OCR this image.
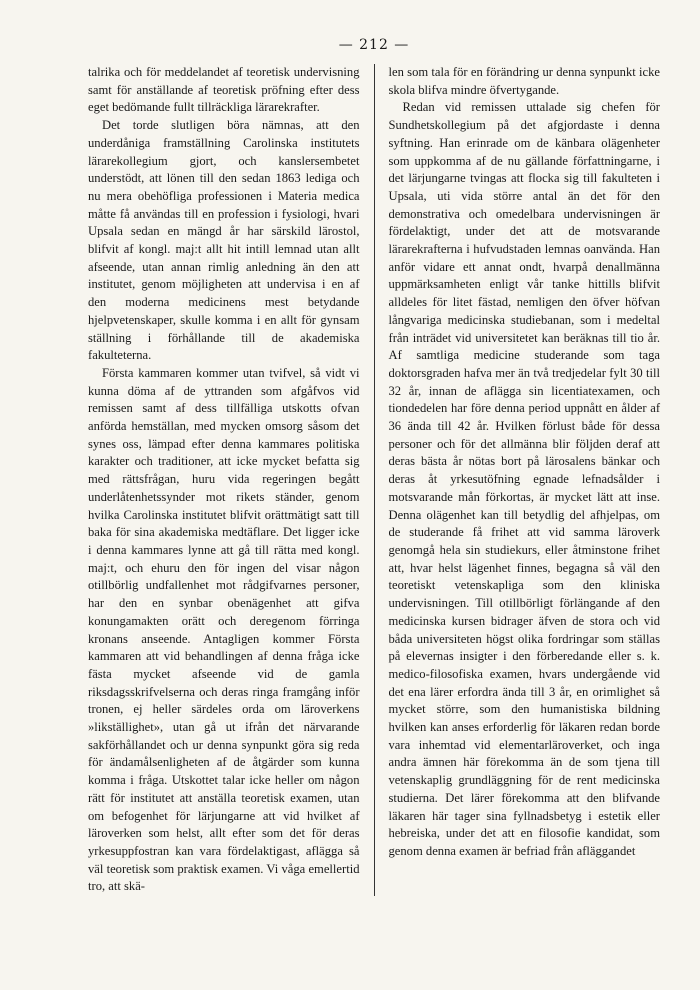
— 212 —

talrika och för meddelandet af teoretisk undervisning samt för anställande af teoretisk pröfning efter dess eget bedömande fullt tillräckliga lärarekrafter.

Det torde slutligen böra nämnas, att den underdåniga framställning Carolinska institutets lärarekollegium gjort, och kanslersembetet understödt, att lönen till den sedan 1863 lediga och nu mera obehöfliga professionen i Materia medica måtte få användas till en profession i fysiologi, hvari Upsala sedan en mängd år har särskild lärostol, blifvit af kongl. maj:t allt hit intill lemnad utan allt afseende, utan annan rimlig anledning än den att institutet, genom möjligheten att undervisa i en af den moderna medicinens mest betydande hjelpvetenskaper, skulle komma i en allt för gynsam ställning i förhållande till de akademiska fakulteterna.

Första kammaren kommer utan tvifvel, så vidt vi kunna döma af de yttranden som afgåfvos vid remissen samt af dess tillfälliga utskotts ofvan anförda hemställan, med mycken omsorg såsom det synes oss, lämpad efter denna kammares politiska karakter och traditioner, att icke mycket befatta sig med rättsfrågan, huru vida regeringen begått underlåtenhetssynder mot rikets ständer, genom hvilka Carolinska institutet blifvit orättmätigt satt till baka för sina akademiska medtäflare. Det ligger icke i denna kammares lynne att gå till rätta med kongl. maj:t, och ehuru den för ingen del visar någon otillbörlig undfallenhet mot rådgifvarnes personer, har den en synbar obenägenhet att gifva konungamakten orätt och deregenom förringa kronans anseende. Antagligen kommer Första kammaren att vid behandlingen af denna fråga icke fästa mycket afseende vid de gamla riksdagsskrifvelserna och deras ringa framgång inför tronen, ej heller särdeles orda om läroverkens »likställighet», utan gå ut ifrån det närvarande sakförhållandet och ur denna synpunkt göra sig reda för ändamålsenligheten af de åtgärder som kunna komma i fråga. Utskottet talar icke heller om någon rätt för institutet att anställa teoretisk examen, utan om befogenhet för lärjungarne att vid hvilket af läroverken som helst, allt efter som det för deras yrkesuppfostran kan vara fördelaktigast, aflägga så väl teoretisk som praktisk examen. Vi våga emellertid tro, att skä-

len som tala för en förändring ur denna synpunkt icke skola blifva mindre öfvertygande.

Redan vid remissen uttalade sig chefen för Sundhetskollegium på det afgjordaste i denna syftning. Han erinrade om de känbara olägenheter som uppkomma af de nu gällande författningarne, i det lärjungarne tvingas att flocka sig till fakulteten i Upsala, uti vida större antal än det för den demonstrativa och omedelbara undervisningen är fördelaktigt, under det att de motsvarande lärarekrafterna i hufvudstaden lemnas oanvända. Han anför vidare ett annat ondt, hvarpå denallmänna uppmärksamheten enligt vår tanke hittills blifvit alldeles för litet fästad, nemligen den öfver höfvan långvariga medicinska studiebanan, som i medeltal från inträdet vid universitetet kan beräknas till tio år. Af samtliga medicine studerande som taga doktorsgraden hafva mer än två tredjedelar fylt 30 till 32 år, innan de aflägga sin licentiatexamen, och tiondedelen har före denna period uppnått en ålder af 36 ända till 42 år. Hvilken förlust både för dessa personer och för det allmänna blir följden deraf att deras bästa år nötas bort på lärosalens bänkar och deras åt yrkesutöfning egnade lefnadsålder i motsvarande mån förkortas, är mycket lätt att inse. Denna olägenhet kan till betydlig del afhjelpas, om de studerande få frihet att vid samma läroverk genomgå hela sin studiekurs, eller åtminstone frihet att, hvar helst lägenhet finnes, begagna så väl den teoretiskt vetenskapliga som den kliniska undervisningen. Till otillbörligt förlängande af den medicinska kursen bidrager äfven de stora och vid båda universiteten högst olika fordringar som ställas på elevernas insigter i den förberedande eller s. k. medico-filosofiska examen, hvars undergående vid det ena lärer erfordra ända till 3 år, en orimlighet så mycket större, som den humanistiska bildning hvilken kan anses erforderlig för läkaren redan borde vara inhemtad vid elementarläroverket, och inga andra ämnen här förekomma än de som tjena till vetenskaplig grundläggning för de rent medicinska studierna. Det lärer förekomma att den blifvande läkaren här tager sina fyllnadsbetyg i estetik eller hebreiska, under det att en filosofie kandidat, som genom denna examen är befriad från afläggandet
